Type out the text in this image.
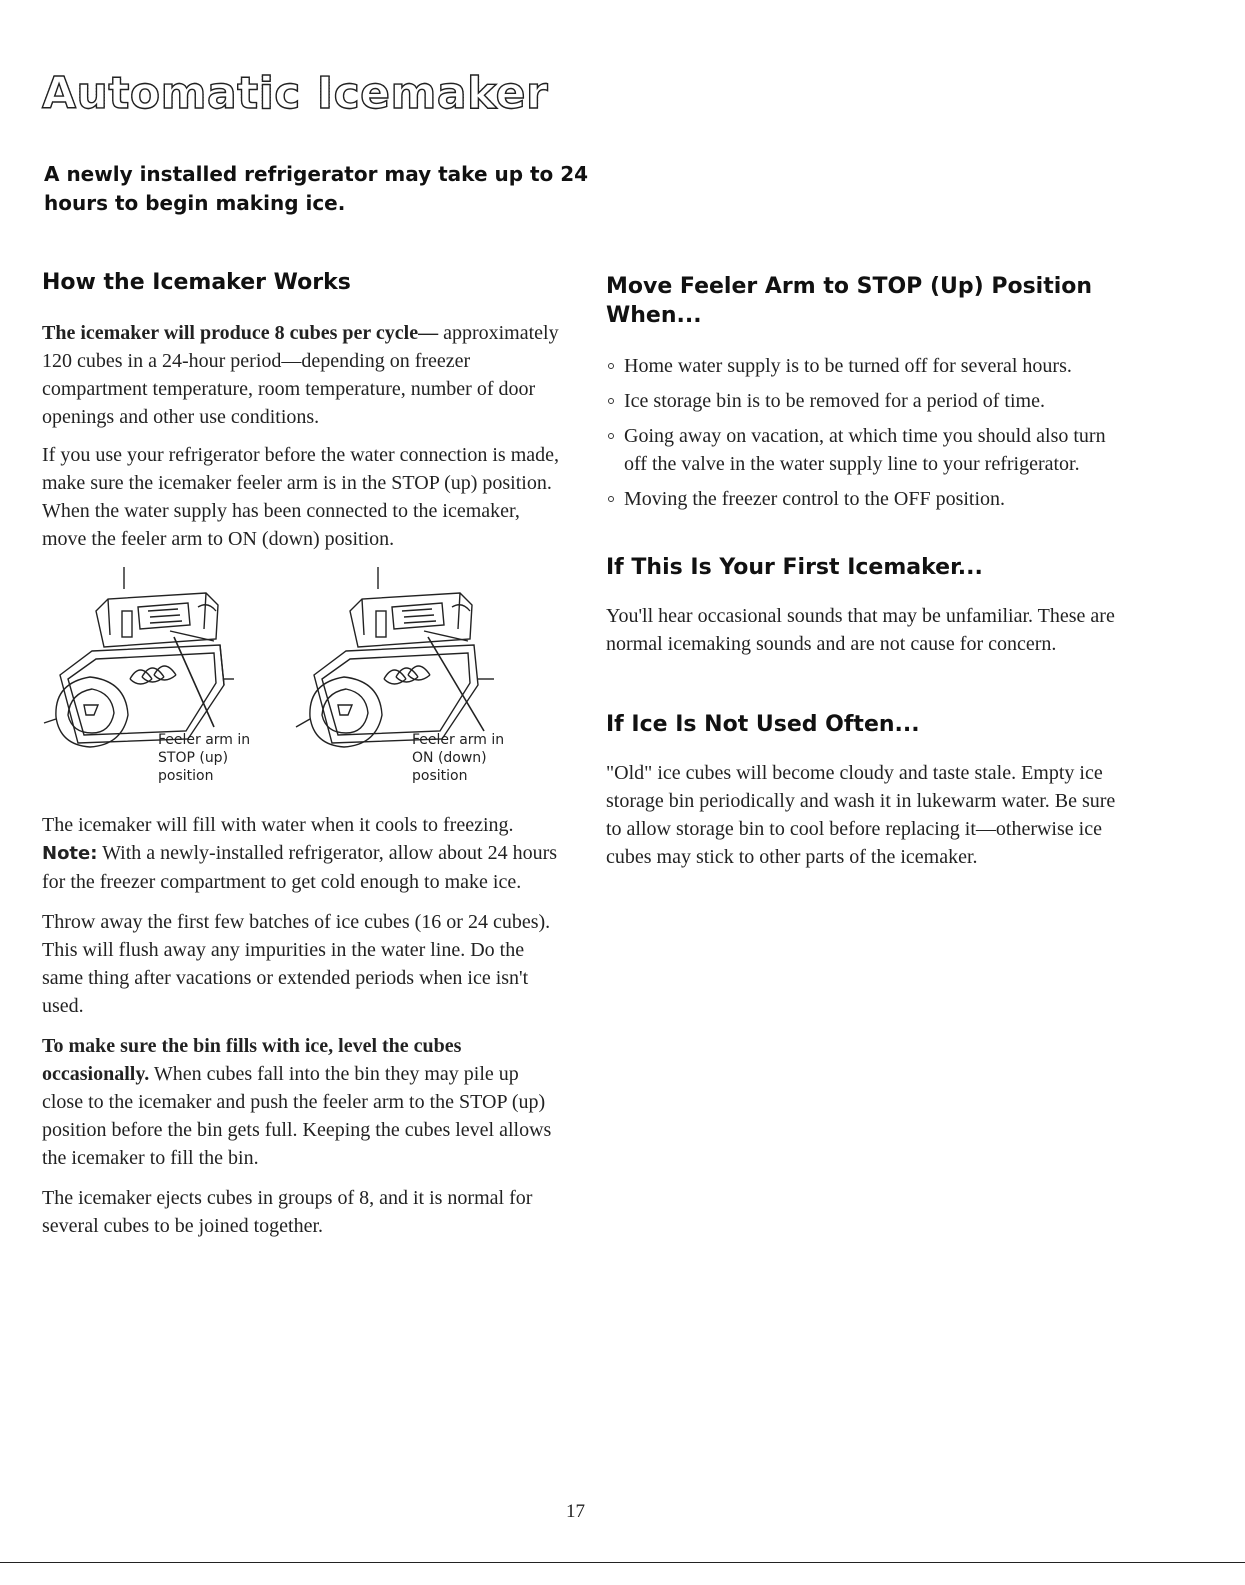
Automatic Icemaker

A newly installed refrigerator may take up to 24 hours to begin making ice.

How the Icemaker Works

The icemaker will produce 8 cubes per cycle— approximately 120 cubes in a 24-hour period—depending on freezer compartment temperature, room temperature, number of door openings and other use conditions.

If you use your refrigerator before the water connection is made, make sure the icemaker feeler arm is in the STOP (up) position. When the water supply has been connected to the icemaker, move the feeler arm to ON (down) position.

Feeler arm in
STOP (up)
position
Feeler arm in
ON (down)
position

The icemaker will fill with water when it cools to freezing. Note: With a newly-installed refrigerator, allow about 24 hours for the freezer compartment to get cold enough to make ice.

Throw away the first few batches of ice cubes (16 or 24 cubes). This will flush away any impurities in the water line. Do the same thing after vacations or extended periods when ice isn't used.

To make sure the bin fills with ice, level the cubes occasionally. When cubes fall into the bin they may pile up close to the icemaker and push the feeler arm to the STOP (up) position before the bin gets full. Keeping the cubes level allows the icemaker to fill the bin.

The icemaker ejects cubes in groups of 8, and it is normal for several cubes to be joined together.

Move Feeler Arm to STOP (Up) Position When...
Home water supply is to be turned off for several hours.
Ice storage bin is to be removed for a period of time.
Going away on vacation, at which time you should also turn off the valve in the water supply line to your refrigerator.
Moving the freezer control to the OFF position.
If This Is Your First Icemaker...

You'll hear occasional sounds that may be unfamiliar. These are normal icemaking sounds and are not cause for concern.

If Ice Is Not Used Often...

"Old" ice cubes will become cloudy and taste stale. Empty ice storage bin periodically and wash it in lukewarm water. Be sure to allow storage bin to cool before replacing it—otherwise ice cubes may stick to other parts of the icemaker.

17
